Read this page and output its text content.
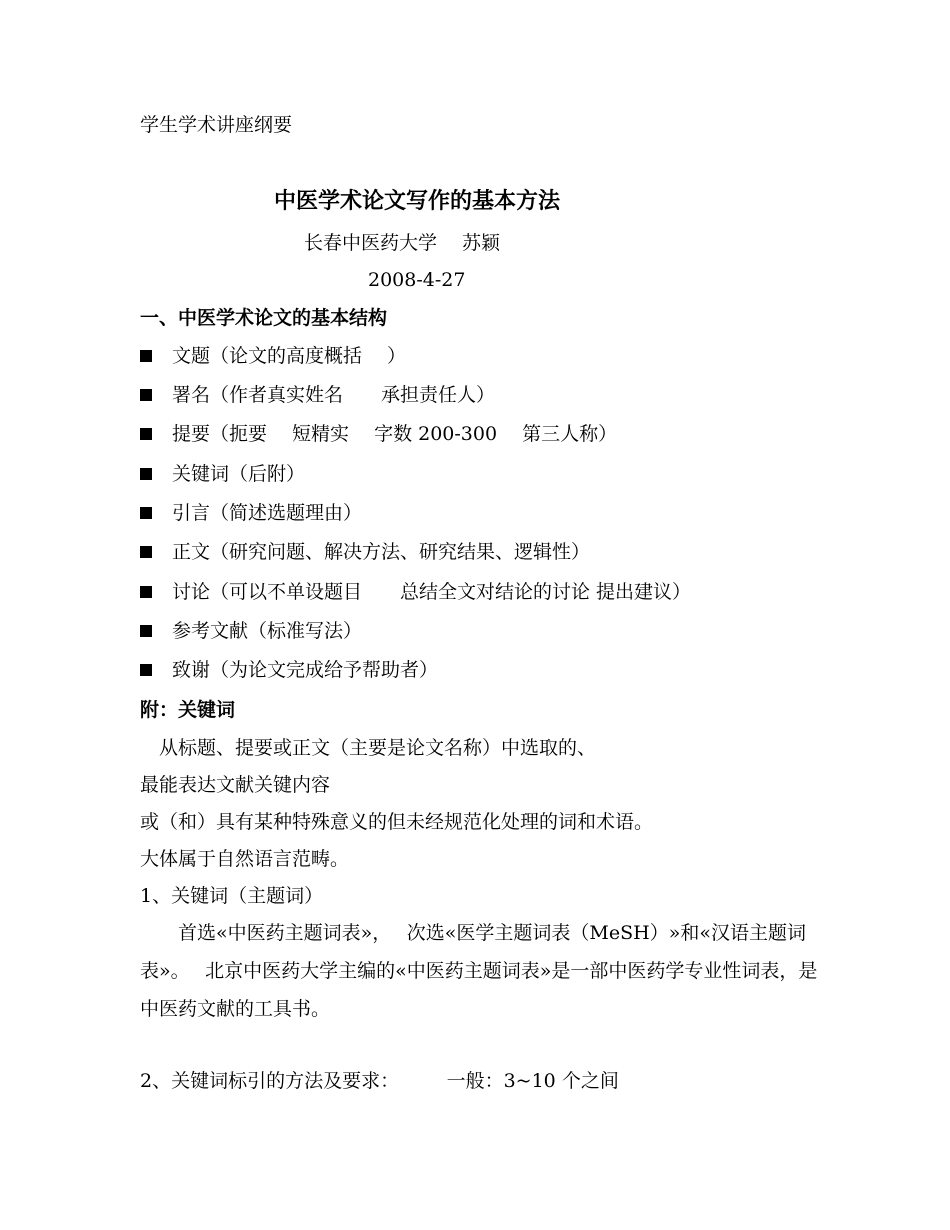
学生学术讲座纲要
中医学术论文写作的基本方法
长春中医药大学　 苏颖
2008-4-27
一、中医学术论文的基本结构
文题（论文的高度概括　 ）
署名（作者真实姓名　　承担责任人）
提要（扼要　 短精实　 字数 200-300　 第三人称）
关键词（后附）
引言（简述选题理由）
正文（研究问题、解决方法、研究结果、逻辑性）
讨论（可以不单设题目　　总结全文对结论的讨论 提出建议）
参考文献（标准写法）
致谢（为论文完成给予帮助者）
附：关键词
　从标题、提要或正文（主要是论文名称）中选取的、
最能表达文献关键内容
或（和）具有某种特殊意义的但未经规范化处理的词和术语。
大体属于自然语言范畴。
1、关键词（主题词）
　　首选«中医药主题词表»，　 次选«医学主题词表（MeSH）»和«汉语主题词表»。　 北京中医药大学主编的«中医药主题词表»是一部中医药学专业性词表，是中医药文献的工具书。
2、关键词标引的方法及要求：　　　一般：3~10 个之间
